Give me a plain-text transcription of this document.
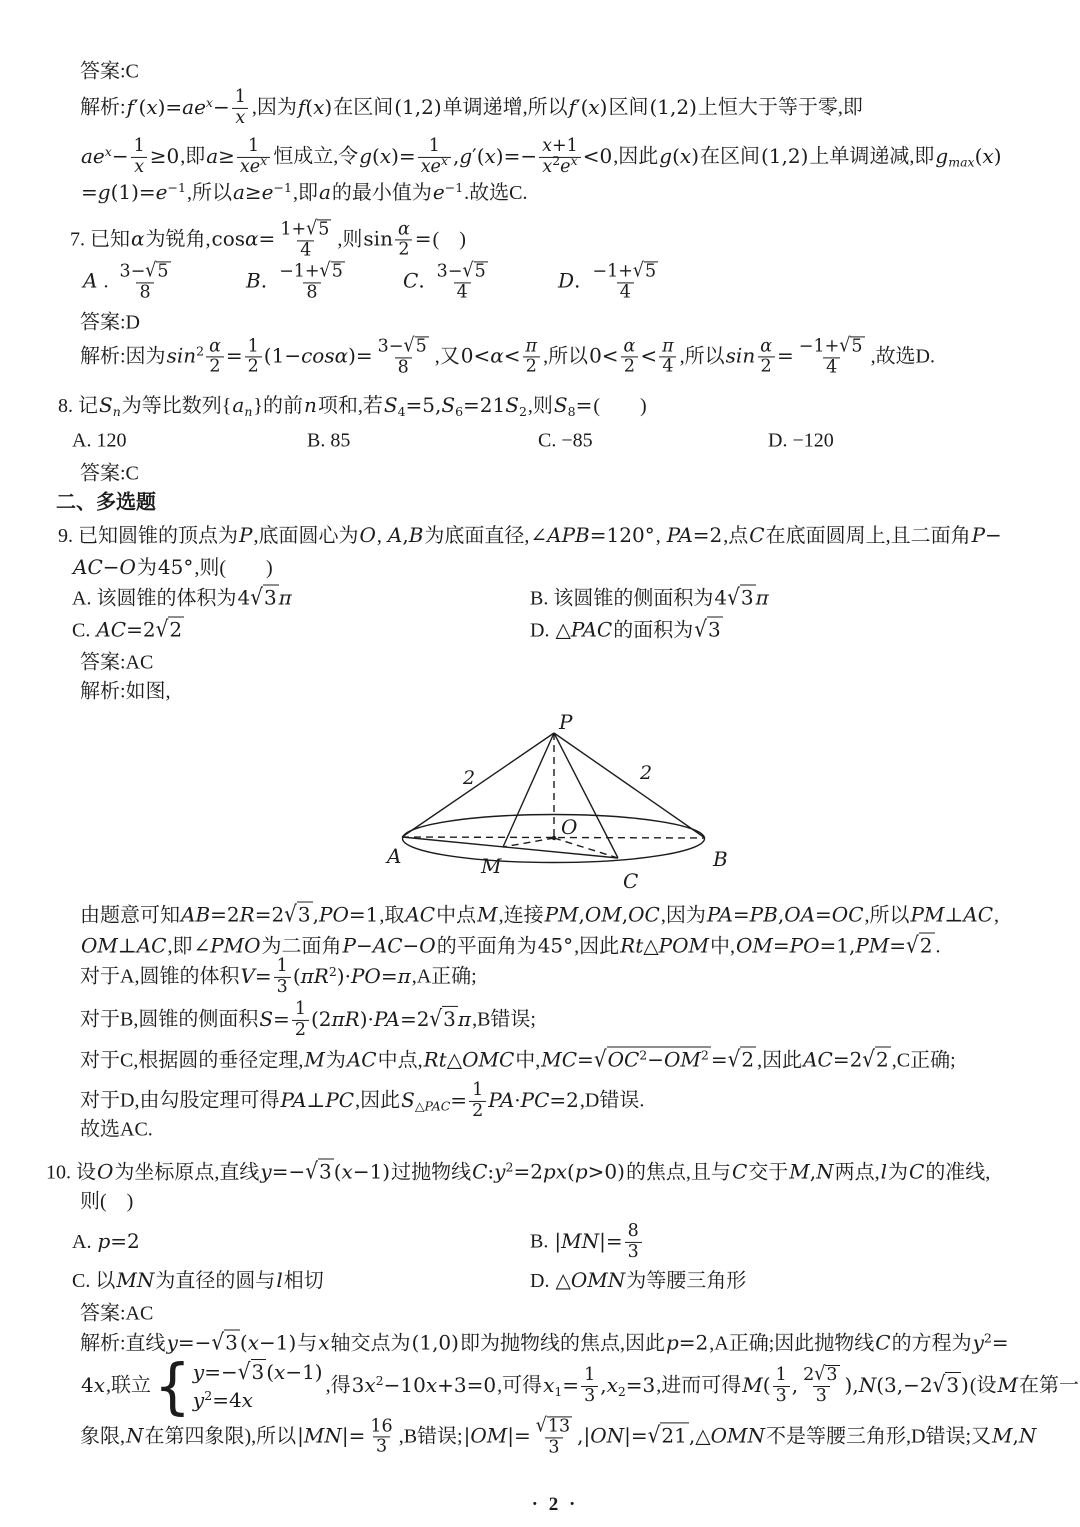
答案:C
解析$:f'(x)=ae^x- \frac{1}{x}$ ,因为f(x)在区间(1,2)单调递增,所以f′(x)区间(1,2)上恒大于等于零,即
$ae^x- \frac{1}{x} \ge 0$,即$a\ge \frac{1}{xe^x}$ 恒成立,令$g(x)= \frac{1}{xe^x} ,g'(x)=- \frac{x+1}{x^2e^x} <0$,因此g(x)在区间(1,2)上单调递减,即$g_{max}(x)$
$=g(1)=e^{-1}$,所以$a\ge e^{-1}$,即a的最小值为$e^{-1}$.故选C.
7. 已知α为锐角$,\cos\alpha= \frac{1+√5}{4}$ ,则$\sin \frac{\alpha}{2}$ =(　)
A . $\frac{3-√5}{8}$	B. $\frac{-1+√5}{8}$	C. $\frac{3-√5}{4}$	D. $\frac{-1+√5}{4}$
答案:D
解析:因为$\sin^2 \frac{\alpha}{2} = \frac{1}{2} (1-\cos\alpha)= \frac{3-√5}{8}$ ,又$0<\alpha< \frac{\pi}{2}$ ,所以$0< \frac{\alpha}{2} < \frac{\pi}{4}$ ,所以$\sin \frac{\alpha}{2} = \frac{-1+√5}{4}$ ,故选D.
8. 记$S_n$为等比数列$\{a_n\}$的前n项和,若$S_4=5,S_6=21S_2$,则$S_8=$(　　)
A. 120	B. 85	C. −85	D. −120
答案:C
二、多选题
9. 已知圆锥的顶点为P,底面圆心为O, A,B为底面直径,∠APB=120°, PA=2,点C在底面圆周上,且二面角P−
AC−O为45°,则(　　)
A. 该圆锥的体积为4√3 π	B. 该圆锥的侧面积为4√3 π
C. AC=2√2	D. △PAC的面积为√3
答案:AC
解析:如图,
由题意可知AB=2R=2√3 ,PO=1,取AC中点M,连接PM,OM,OC,因为PA=PB,OA=OC,所以PM⊥AC,
OM⊥AC,即∠PMO为二面角P−AC−O的平面角为45°,因此Rt△POM中,OM=PO=1,PM=√2 .
对于A,圆锥的体积$V= \frac{1}{3} (\pi R^2)\cdot PO=\pi,A$正确;
对于B,圆锥的侧面积$S= \frac{1}{2} (2\pi R)\cdot PA=2√3$ π,B错误;
对于C,根据圆的垂径定理,M为AC中点,Rt△OMC中$,MC=√OC^2-OM^2 =√2$ ,因此AC=2√2 ,C正确;
对于D,由勾股定理可得PA⊥PC,因此$S_{\triangle PAC}= \frac{1}{2} PA\cdot PC=2,D$错误.
故选AC.
10. 设O为坐标原点,直线y=−√3 (x−1)过抛物线$C:y^2=2px(p>0)$的焦点,且与C交于M,N两点,l为C的准线,
则(　)
A. p=2	B. $|MN|= \frac{8}{3}$
C. 以MN为直径的圆与l相切	D. △OMN为等腰三角形
答案:AC
解析:直线y=−√3 (x−1)与x轴交点为(1,0)即为抛物线的焦点,因此p=2,A正确;因此抛物线C的方程为$y^2=$
4x,联立 { y=−√3 (x−1)
$y^2=4x$
,得$3x^2-10x+3=0$,可得$x_1= \frac{1}{3} ,x_2=3$,进而可得$M( \frac{1}{3}$ , $\frac{2√3}{3} ),N(3,-2√3$ )(设M在第一
象限,N在第四象限),所以$|MN|= \frac{16}{3} ,B$错误;|OM|= $\frac{√13}{3} ,|ON|=√21$ ,△OMN不是等腰三角形,D错误;又M,N
P
A	B
O
M
C
2	2
· 2 ·
